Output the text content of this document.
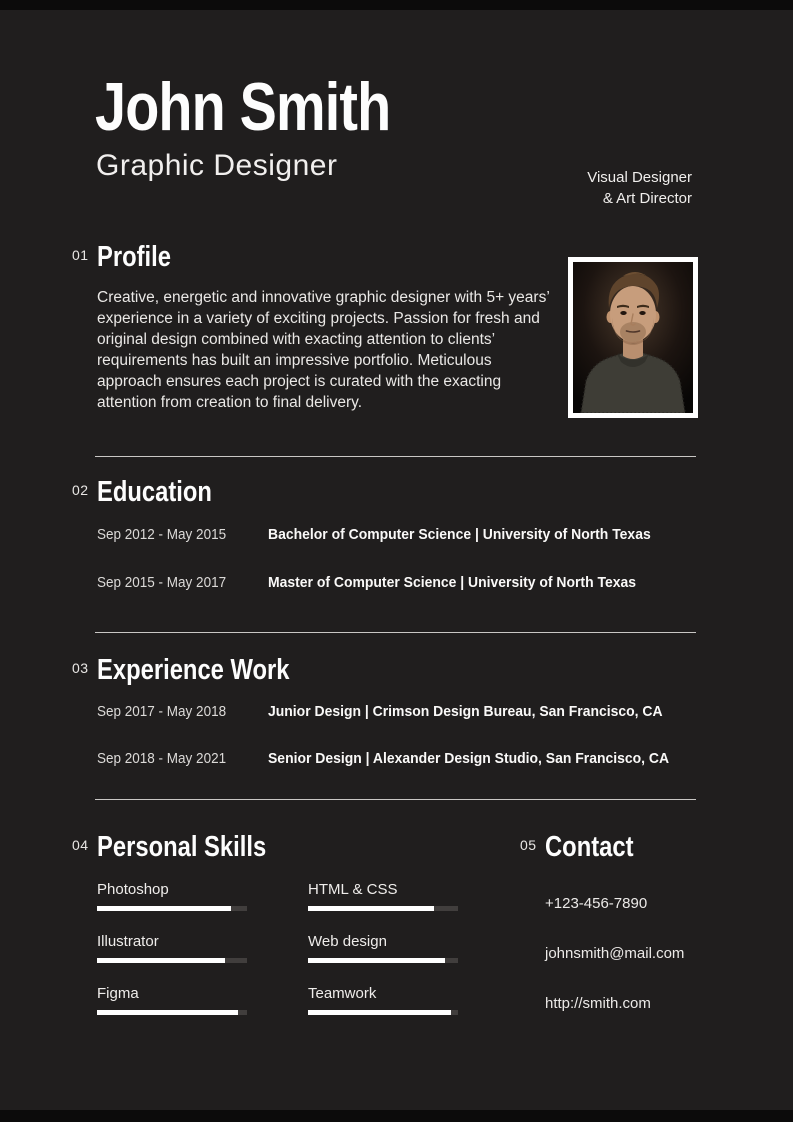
John Smith
Graphic Designer	Visual Designer
& Art Director
01 Profile

Creative, energetic and innovative graphic designer with 5+ years’ experience in a variety of exciting projects. Passion for fresh and original design combined with exacting attention to clients’ requirements has built an impressive portfolio. Meticulous approach ensures each project is curated with the exacting attention from creation to final delivery.

02 Education
Sep 2012 - May 2015	Bachelor of Computer Science | University of North Texas
Sep 2015 - May 2017	Master of Computer Science | University of North Texas
03 Experience Work
Sep 2017 - May 2018	Junior Design | Crimson Design Bureau, San Francisco, CA
Sep 2018 - May 2021	Senior Design | Alexander Design Studio, San Francisco, CA
04 Personal Skills
Photoshop	HTML & CSS
Illustrator	Web design
Figma	Teamwork
05 Contact
+123-456-7890
johnsmith@mail.com
http://smith.com
